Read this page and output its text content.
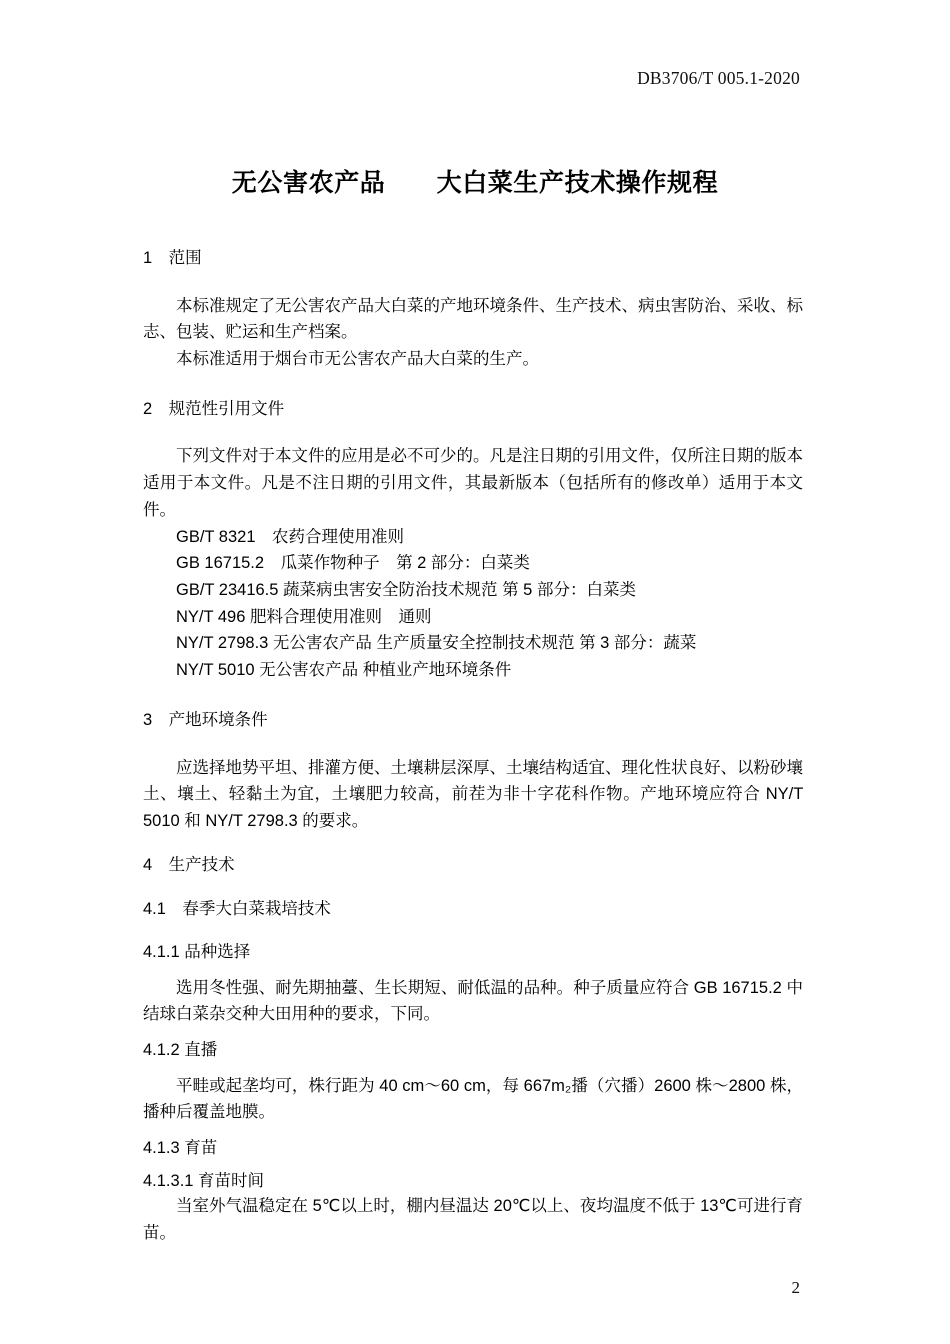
DB3706/T 005.1-2020
无公害农产品　　大白菜生产技术操作规程
1　范围

本标准规定了无公害农产品大白菜的产地环境条件、生产技术、病虫害防治、采收、标志、包装、贮运和生产档案。

本标准适用于烟台市无公害农产品大白菜的生产。

2　规范性引用文件

下列文件对于本文件的应用是必不可少的。凡是注日期的引用文件，仅所注日期的版本适用于本文件。凡是不注日期的引用文件，其最新版本（包括所有的修改单）适用于本文件。

GB/T 8321　农药合理使用准则
GB 16715.2　瓜菜作物种子　第 2 部分：白菜类
GB/T 23416.5 蔬菜病虫害安全防治技术规范 第 5 部分：白菜类
NY/T 496 肥料合理使用准则　通则
NY/T 2798.3 无公害农产品 生产质量安全控制技术规范 第 3 部分：蔬菜
NY/T 5010 无公害农产品 种植业产地环境条件
3　产地环境条件

应选择地势平坦、排灌方便、土壤耕层深厚、土壤结构适宜、理化性状良好、以粉砂壤土、壤土、轻黏土为宜，土壤肥力较高，前茬为非十字花科作物。产地环境应符合 NY/T　5010 和 NY/T 2798.3 的要求。

4　生产技术
4.1　春季大白菜栽培技术
4.1.1 品种选择

选用冬性强、耐先期抽薹、生长期短、耐低温的品种。种子质量应符合 GB 16715.2 中结球白菜杂交种大田用种的要求，下同。

4.1.2 直播

平畦或起垄均可，株行距为 40 cm～60 cm，每 667m₂播（穴播）2600 株～2800 株，播种后覆盖地膜。

4.1.3 育苗
4.1.3.1 育苗时间

当室外气温稳定在 5℃以上时，棚内昼温达 20℃以上、夜均温度不低于 13℃可进行育苗。

2
